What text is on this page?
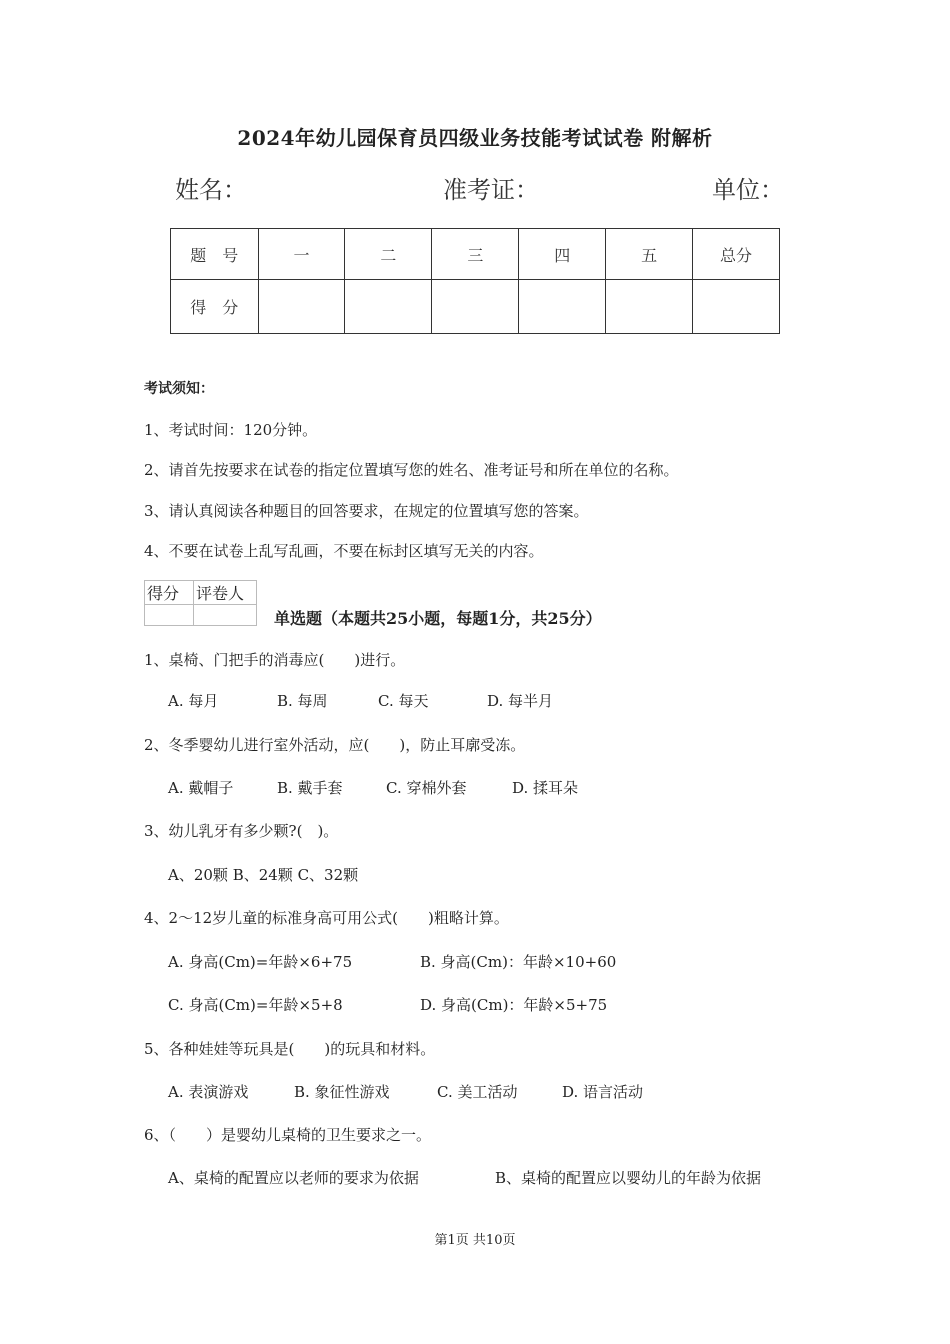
2024年幼儿园保育员四级业务技能考试试卷 附解析
姓名：	准考证：	单位：
题　号	一	二	三	四	五	总分
得　分						
考试须知：
1、考试时间：120分钟。
2、请首先按要求在试卷的指定位置填写您的姓名、准考证号和所在单位的名称。
3、请认真阅读各种题目的回答要求，在规定的位置填写您的答案。
4、不要在试卷上乱写乱画，不要在标封区填写无关的内容。
得分	评卷人

单选题（本题共25小题，每题1分，共25分）
1、桌椅、门把手的消毒应(　　)进行。
A. 每月	B. 每周	C. 每天	D. 每半月
2、冬季婴幼儿进行室外活动，应(　　)，防止耳廓受冻。
A. 戴帽子	B. 戴手套	C. 穿棉外套	D. 揉耳朵
3、幼儿乳牙有多少颗?(　)。
A、20颗 B、24颗 C、32颗
4、2～12岁儿童的标准身高可用公式(　　)粗略计算。
A. 身高(Cm)=年龄×6+75	B. 身高(Cm)：年龄×10+60
C. 身高(Cm)=年龄×5+8	D. 身高(Cm)：年龄×5+75
5、各种娃娃等玩具是(　　)的玩具和材料。
A. 表演游戏	B. 象征性游戏	C. 美工活动	D. 语言活动
6、（　　）是婴幼儿桌椅的卫生要求之一。
A、桌椅的配置应以老师的要求为依据	B、桌椅的配置应以婴幼儿的年龄为依据
第1页 共10页
